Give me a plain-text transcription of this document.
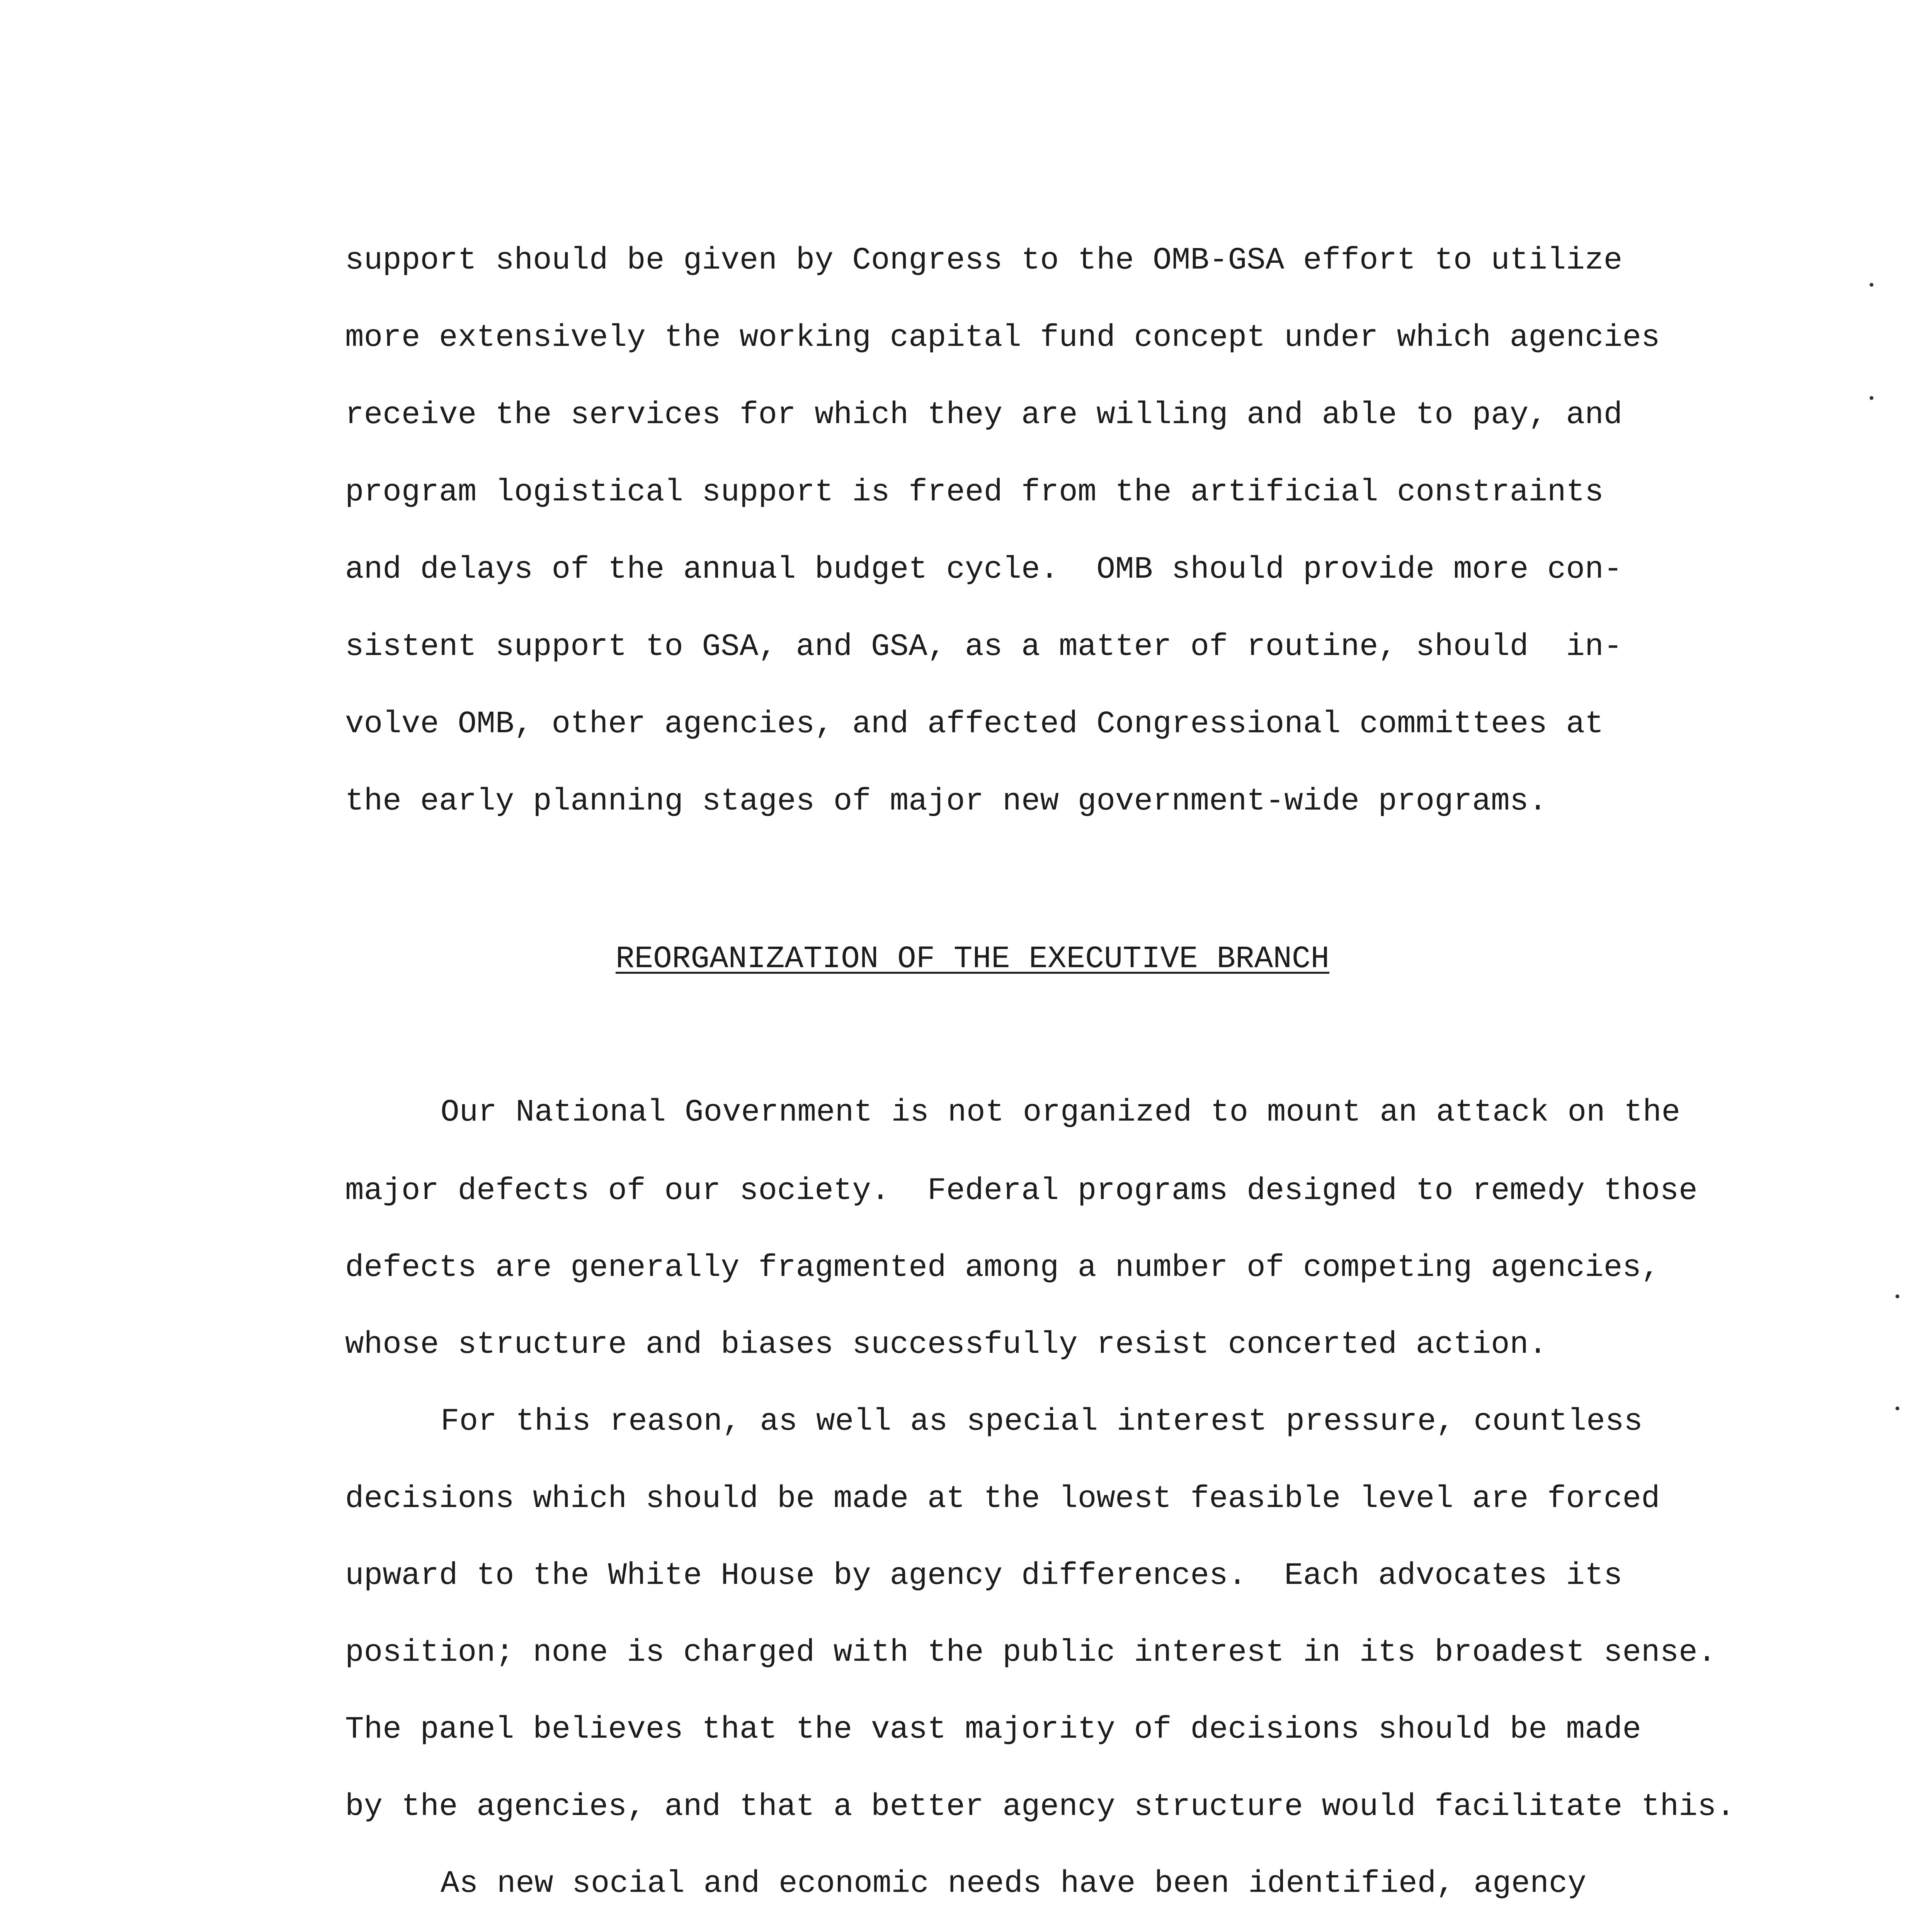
support should be given by Congress to the OMB-GSA effort to utilize
more extensively the working capital fund concept under which agencies
receive the services for which they are willing and able to pay, and
program logistical support is freed from the artificial constraints
and delays of the annual budget cycle.  OMB should provide more con-
sistent support to GSA, and GSA, as a matter of routine, should  in-
volve OMB, other agencies, and affected Congressional committees at
the early planning stages of major new government-wide programs.
REORGANIZATION OF THE EXECUTIVE BRANCH
Our National Government is not organized to mount an attack on the
major defects of our society.  Federal programs designed to remedy those
defects are generally fragmented among a number of competing agencies,
whose structure and biases successfully resist concerted action.
For this reason, as well as special interest pressure, countless
decisions which should be made at the lowest feasible level are forced
upward to the White House by agency differences.  Each advocates its
position; none is charged with the public interest in its broadest sense.
The panel believes that the vast majority of decisions should be made
by the agencies, and that a better agency structure would facilitate this.
As new social and economic needs have been identified, agency
